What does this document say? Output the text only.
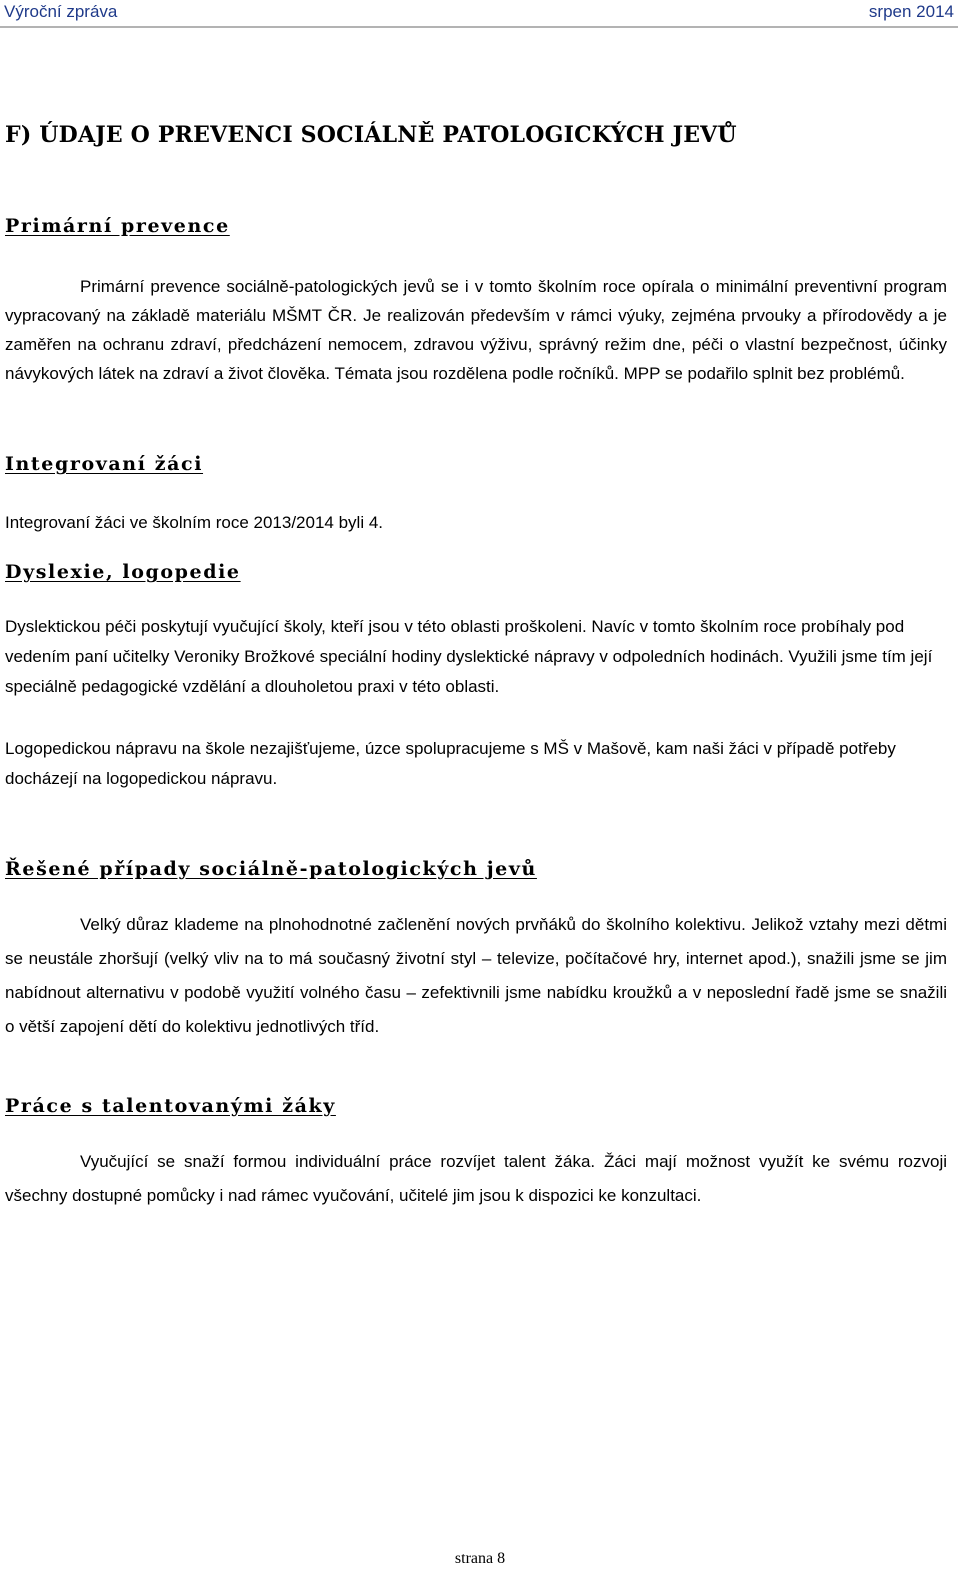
Výroční zpráva	srpen 2014
F) ÚDAJE O PREVENCI SOCIÁLNĚ PATOLOGICKÝCH JEVŮ
Primární prevence

Primární prevence sociálně-patologických jevů se i v tomto školním roce opírala o minimální preventivní program vypracovaný na základě materiálu MŠMT ČR. Je realizován především v rámci výuky, zejména prvouky a přírodovědy a je zaměřen na ochranu zdraví, předcházení nemocem, zdravou výživu, správný režim dne, péči o vlastní bezpečnost, účinky návykových látek na zdraví a život člověka. Témata jsou rozdělena podle ročníků. MPP se podařilo splnit bez problémů.

Integrovaní žáci

Integrovaní žáci ve školním roce 2013/2014 byli 4.

Dyslexie, logopedie

Dyslektickou péči poskytují vyučující školy, kteří jsou v této oblasti proškoleni. Navíc v tomto školním roce probíhaly pod vedením paní učitelky Veroniky Brožkové speciální hodiny dyslektické nápravy v odpoledních hodinách. Využili jsme tím její speciálně pedagogické vzdělání a dlouholetou praxi v této oblasti.

Logopedickou nápravu na škole nezajišťujeme, úzce spolupracujeme s MŠ v Mašově, kam naši žáci v případě potřeby docházejí na logopedickou nápravu.

Řešené případy sociálně-patologických jevů

Velký důraz klademe na plnohodnotné začlenění nových prvňáků do školního kolektivu. Jelikož vztahy mezi dětmi se neustále zhoršují (velký vliv na to má současný životní styl – televize, počítačové hry, internet apod.), snažili jsme se jim nabídnout alternativu v podobě využití volného času – zefektivnili jsme nabídku kroužků a v neposlední řadě jsme se snažili o větší zapojení dětí do kolektivu jednotlivých tříd.

Práce s talentovanými žáky

Vyučující se snaží formou individuální práce rozvíjet talent žáka. Žáci mají možnost využít ke svému rozvoji všechny dostupné pomůcky i nad rámec vyučování, učitelé jim jsou k dispozici ke konzultaci.

strana 8
